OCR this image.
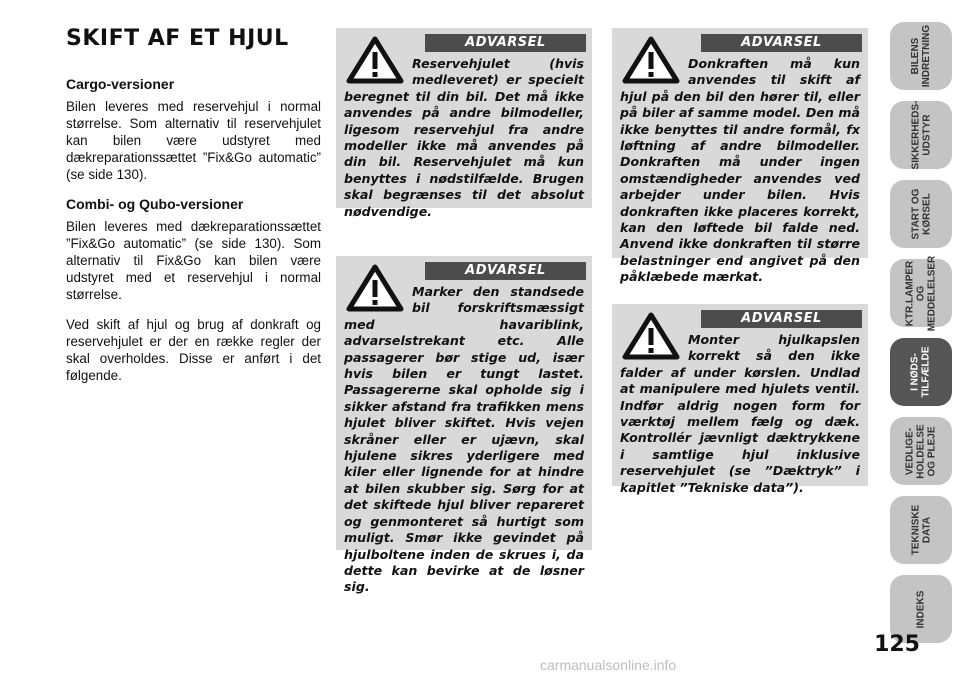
SKIFT AF ET HJUL
Cargo-versioner

Bilen leveres med reservehjul i normal størrelse. Som alternativ til reservehjulet kan bilen være udstyret med dækreparationssættet ”Fix&Go automatic” (se side 130).

Combi- og Qubo-versioner

Bilen leveres med dækreparationssættet ”Fix&Go automatic” (se side 130). Som alternativ til Fix&Go kan bilen være udstyret med et reservehjul i normal størrelse.

Ved skift af hjul og brug af donkraft og reservehjulet er der en række regler der skal overholdes. Disse er anført i det følgende.

ADVARSEL
Reservehjulet (hvis medleveret) er specielt beregnet til din bil. Det må ikke anvendes på andre bilmodeller, ligesom reservehjul fra andre modeller ikke må anvendes på din bil. Reservehjulet må kun benyttes i nødstilfælde. Brugen skal begrænses til det absolut nødvendige.
ADVARSEL
Marker den standsede bil forskriftsmæssigt med havariblink, advarselstrekant etc. Alle passagerer bør stige ud, især hvis bilen er tungt lastet. Passagererne skal opholde sig i sikker afstand fra trafikken mens hjulet bliver skiftet. Hvis vejen skråner eller er ujævn, skal hjulene sikres yderligere med kiler eller lignende for at hindre at bilen skubber sig. Sørg for at det skiftede hjul bliver repareret og genmonteret så hurtigt som muligt. Smør ikke gevindet på hjulboltene inden de skrues i, da dette kan bevirke at de løsner sig.
ADVARSEL
Donkraften må kun anvendes til skift af hjul på den bil den hører til, eller på biler af samme model. Den må ikke benyttes til andre formål, fx løftning af andre bilmodeller. Donkraften må under ingen omstændigheder anvendes ved arbejder under bilen. Hvis donkraften ikke placeres korrekt, kan den løftede bil falde ned. Anvend ikke donkraften til større belastninger end angivet på den påklæbede mærkat.
ADVARSEL
Monter hjulkapslen korrekt så den ikke falder af under kørslen. Undlad at manipulere med hjulets ventil. Indfør aldrig nogen form for værktøj mellem fælg og dæk. Kontrollér jævnligt dæktrykkene i samtlige hjul inklusive reservehjulet (se ”Dæktryk” i kapitlet ”Tekniske data”).
BILENS
INDRETNING
SIKKERHEDS-
UDSTYR
START OG
KØRSEL
KTR.LAMPER
OG
MEDDELELSER
I NØDS-
TILFÆLDE
VEDLIGE-
HOLDELSE
OG PLEJE
TEKNISKE
DATA
INDEKS
125
carmanualsonline.info
